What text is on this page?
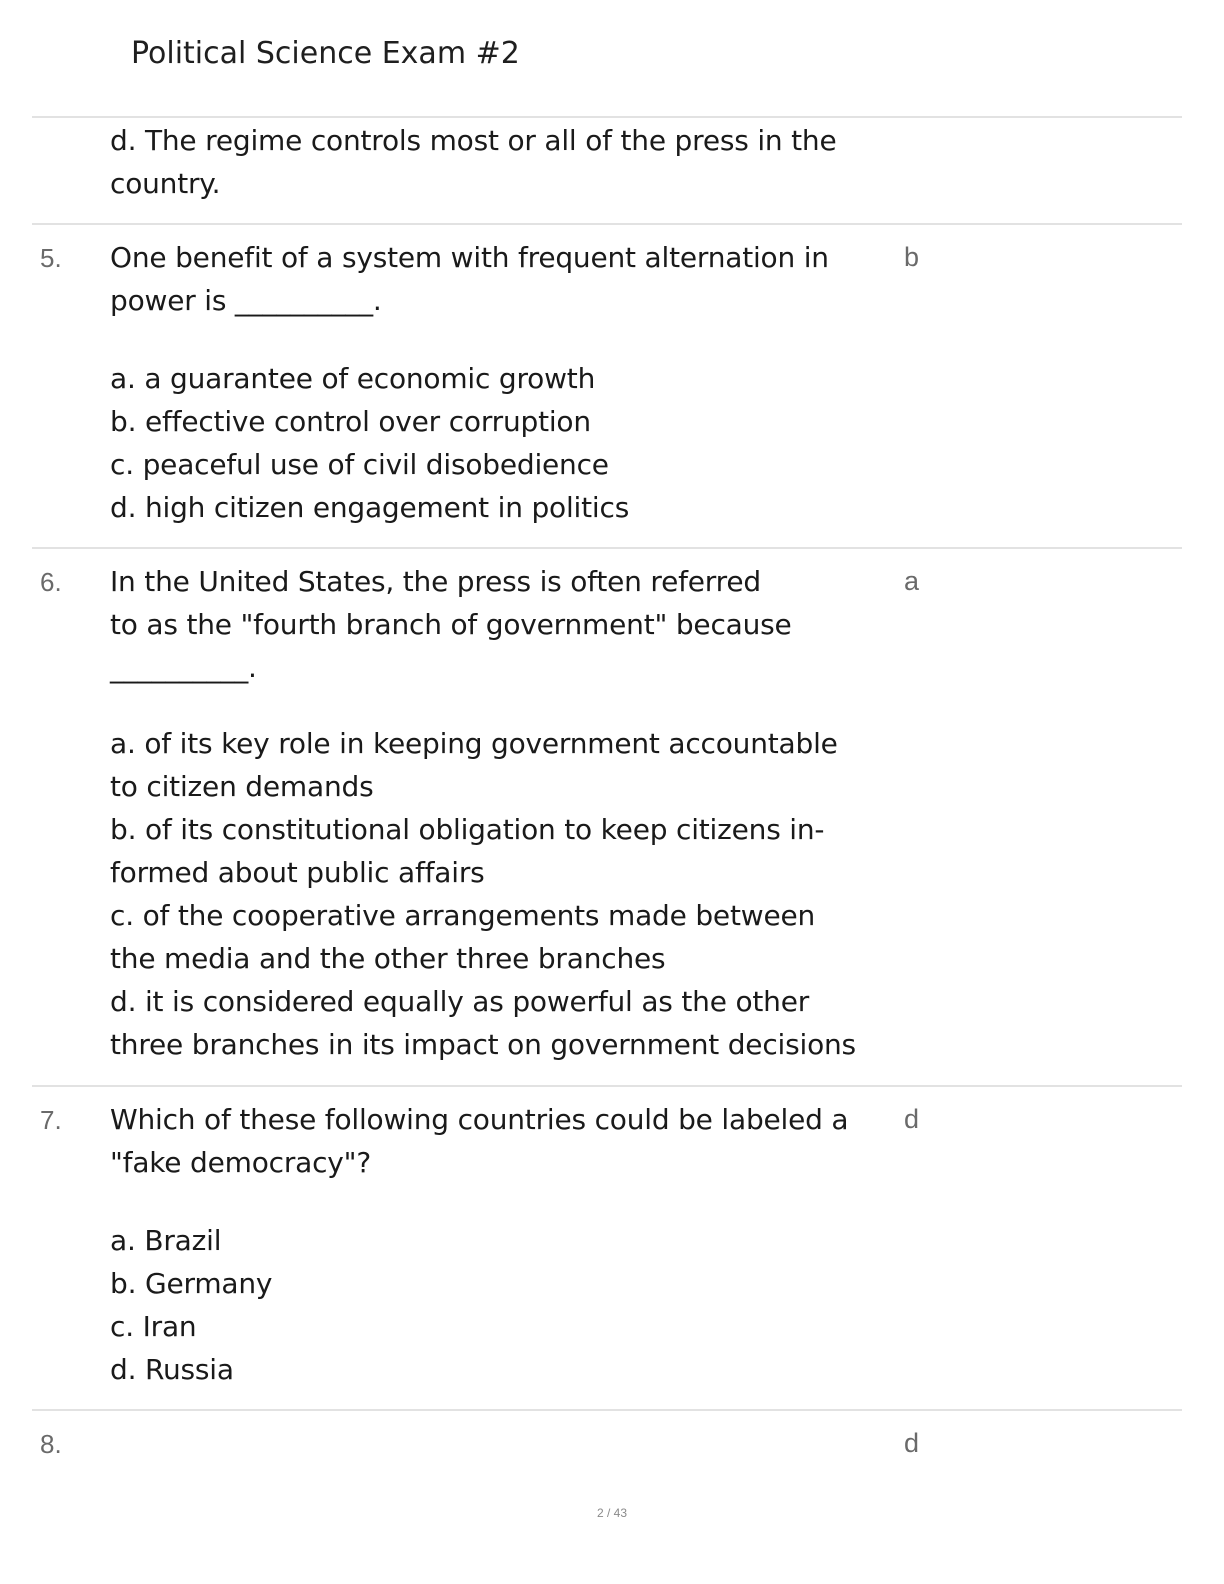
Political Science Exam #2
d. The regime controls most or all of the press in the
country.
5.	b
One benefit of a system with frequent alternation in
power is __________.
a. a guarantee of economic growth
b. effective control over corruption
c. peaceful use of civil disobedience
d. high citizen engagement in politics
6.	a
In the United States, the press is often referred
to as the "fourth branch of government" because
__________.
a. of its key role in keeping government accountable
to citizen demands
b. of its constitutional obligation to keep citizens in-
formed about public affairs
c. of the cooperative arrangements made between
the media and the other three branches
d. it is considered equally as powerful as the other
three branches in its impact on government decisions
7.	d
Which of these following countries could be labeled a
"fake democracy"?
a. Brazil
b. Germany
c. Iran
d. Russia
8.	d
2 / 43
